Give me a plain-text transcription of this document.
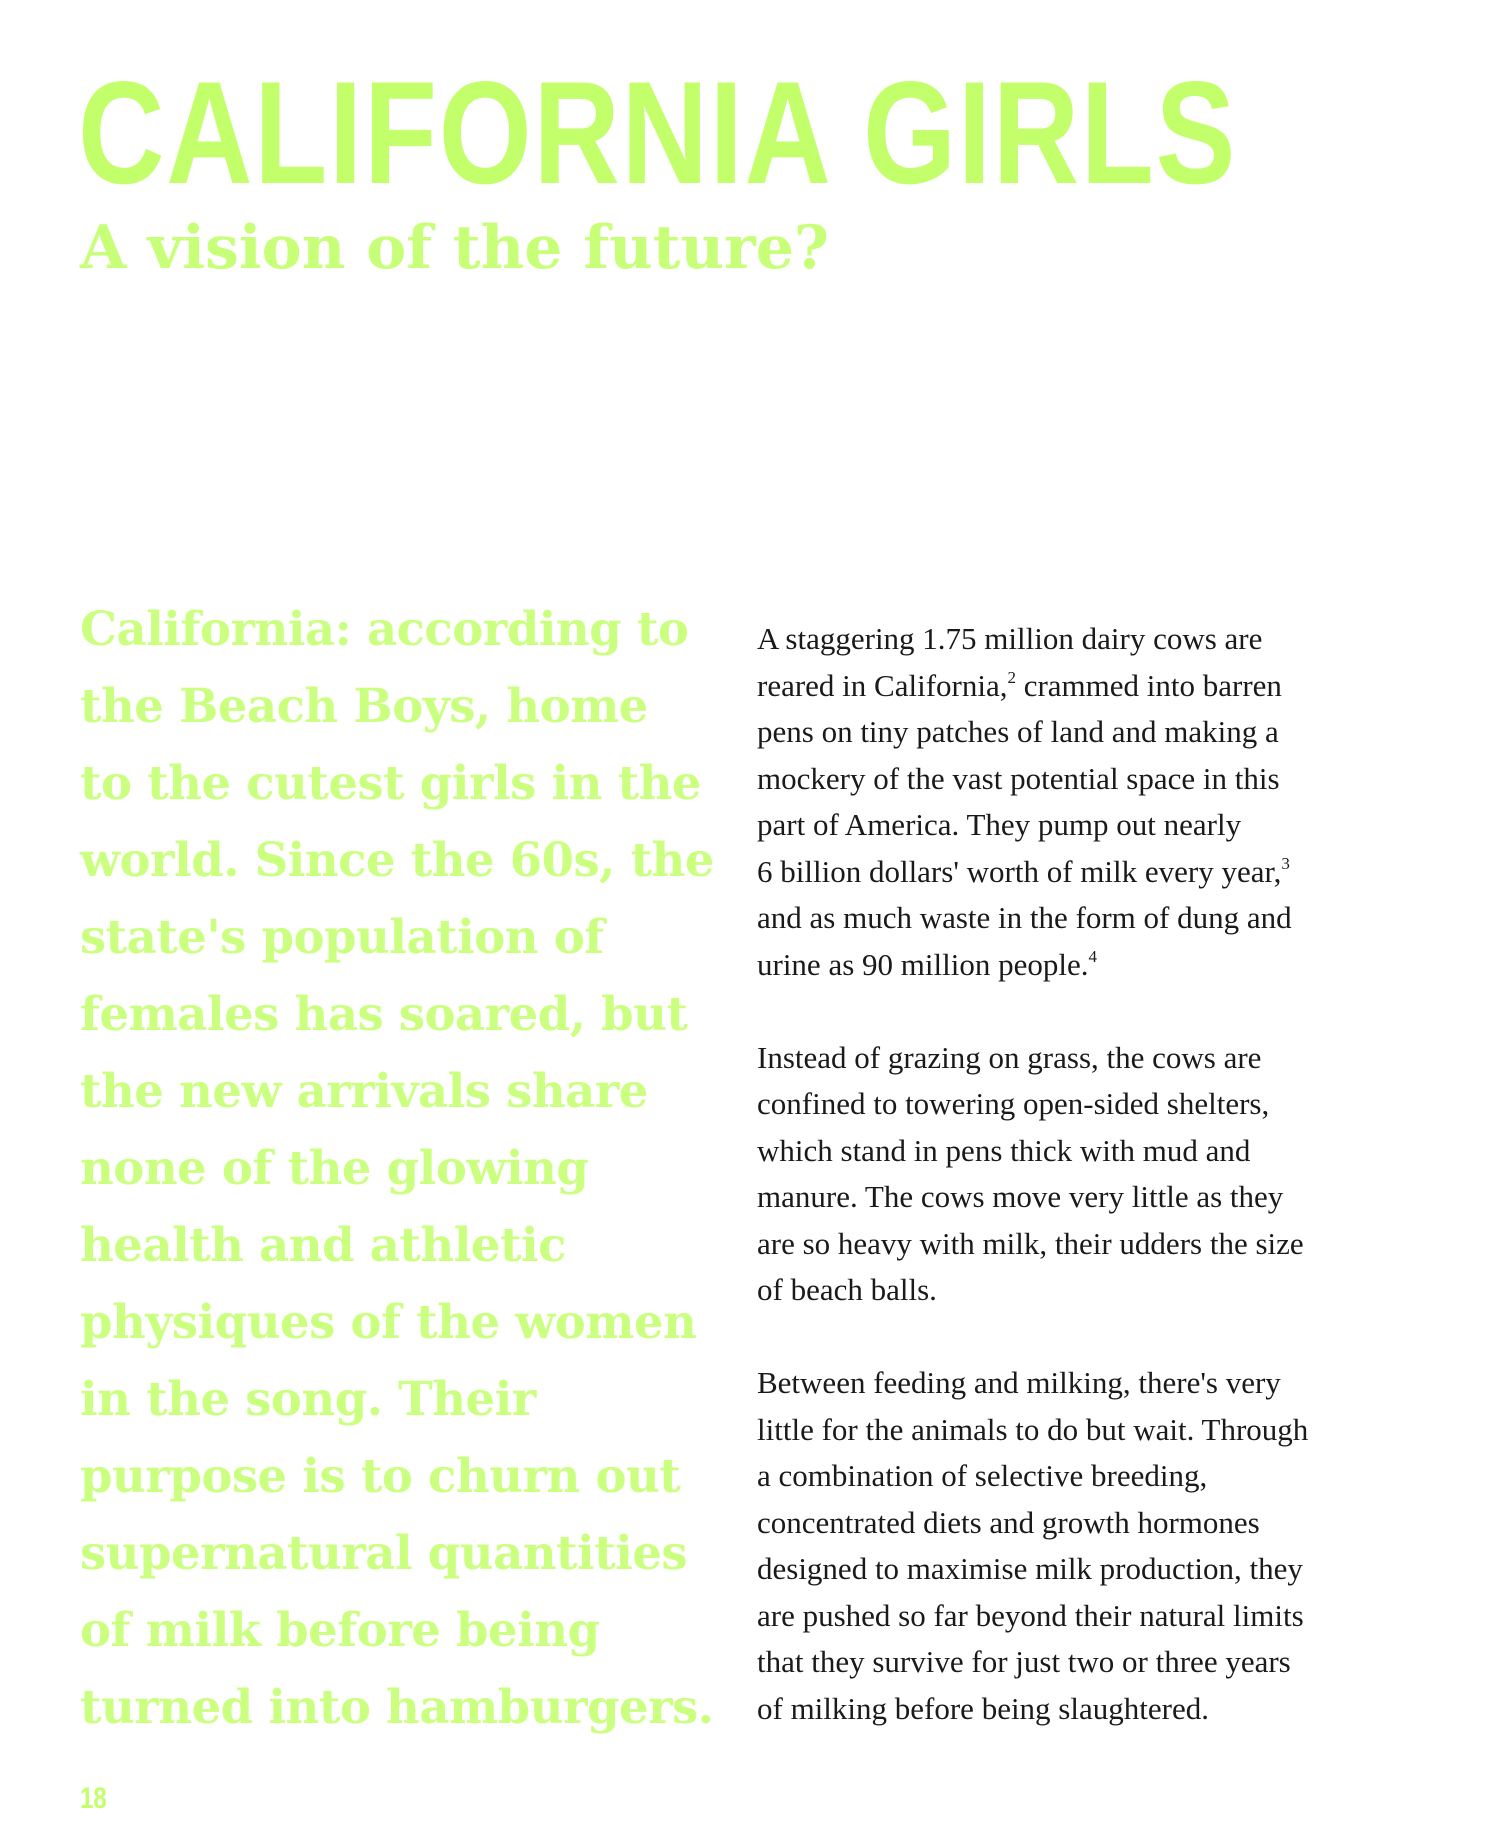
CALIFORNIA GIRLS
A vision of the future?
California: according to
the Beach Boys, home
to the cutest girls in the
world. Since the 60s, the
state's population of
females has soared, but
the new arrivals share
none of the glowing
health and athletic
physiques of the women
in the song. Their
purpose is to churn out
supernatural quantities
of milk before being
turned into hamburgers.

A staggering 1.75 million dairy cows are
reared in California,$^2$ crammed into barren
pens on tiny patches of land and making a
mockery of the vast potential space in this
part of America. They pump out nearly
6 billion dollars' worth of milk every year,$^3$
and as much waste in the form of dung and
urine as 90 million people.$^4$

Instead of grazing on grass, the cows are
confined to towering open-sided shelters,
which stand in pens thick with mud and
manure. The cows move very little as they
are so heavy with milk, their udders the size
of beach balls.

Between feeding and milking, there's very
little for the animals to do but wait. Through
a combination of selective breeding,
concentrated diets and growth hormones
designed to maximise milk production, they
are pushed so far beyond their natural limits
that they survive for just two or three years
of milking before being slaughtered.

18
